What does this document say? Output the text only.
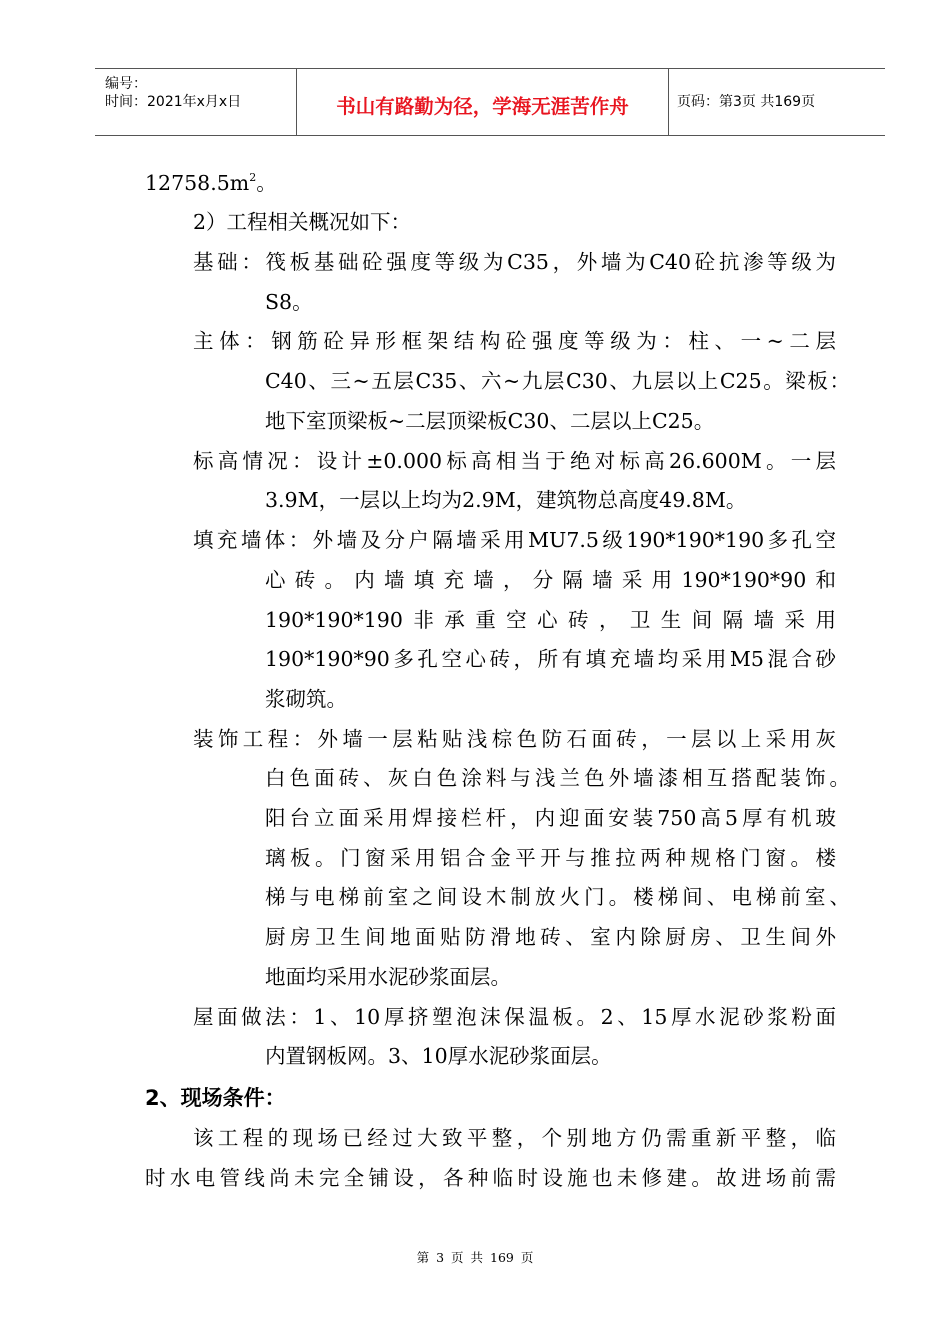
编号：
时间：2021年x月x日	书山有路勤为径，学海无涯苦作舟	页码：第3页 共169页
$12758.5m^2$。
2）工程相关概况如下：
基础：筏板基础砼强度等级为C35，外墙为C40砼抗渗等级为
S8。
主体：钢筋砼异形框架结构砼强度等级为：柱、一~二层
C40、三~五层C35、六~九层C30、九层以上C25。梁板：
地下室顶梁板~二层顶梁板C30、二层以上C25。
标高情况：设计±0.000标高相当于绝对标高26.600M。一层
3.9M，一层以上均为2.9M，建筑物总高度49.8M。
填充墙体：外墙及分户隔墙采用MU7.5级190*190*190多孔空
心砖。内墙填充墙，分隔墙采用190*190*90和
190*190*190非承重空心砖，卫生间隔墙采用
190*190*90多孔空心砖，所有填充墙均采用M5混合砂
浆砌筑。
装饰工程：外墙一层粘贴浅棕色防石面砖，一层以上采用灰
白色面砖、灰白色涂料与浅兰色外墙漆相互搭配装饰。
阳台立面采用焊接栏杆，内迎面安装750高5厚有机玻
璃板。门窗采用铝合金平开与推拉两种规格门窗。楼
梯与电梯前室之间设木制放火门。楼梯间、电梯前室、
厨房卫生间地面贴防滑地砖、室内除厨房、卫生间外
地面均采用水泥砂浆面层。
屋面做法：1、10厚挤塑泡沫保温板。2、15厚水泥砂浆粉面
内置钢板网。3、10厚水泥砂浆面层。
2、现场条件：
该工程的现场已经过大致平整，个别地方仍需重新平整，临
时水电管线尚未完全铺设，各种临时设施也未修建。故进场前需
第 3 页 共 169 页
